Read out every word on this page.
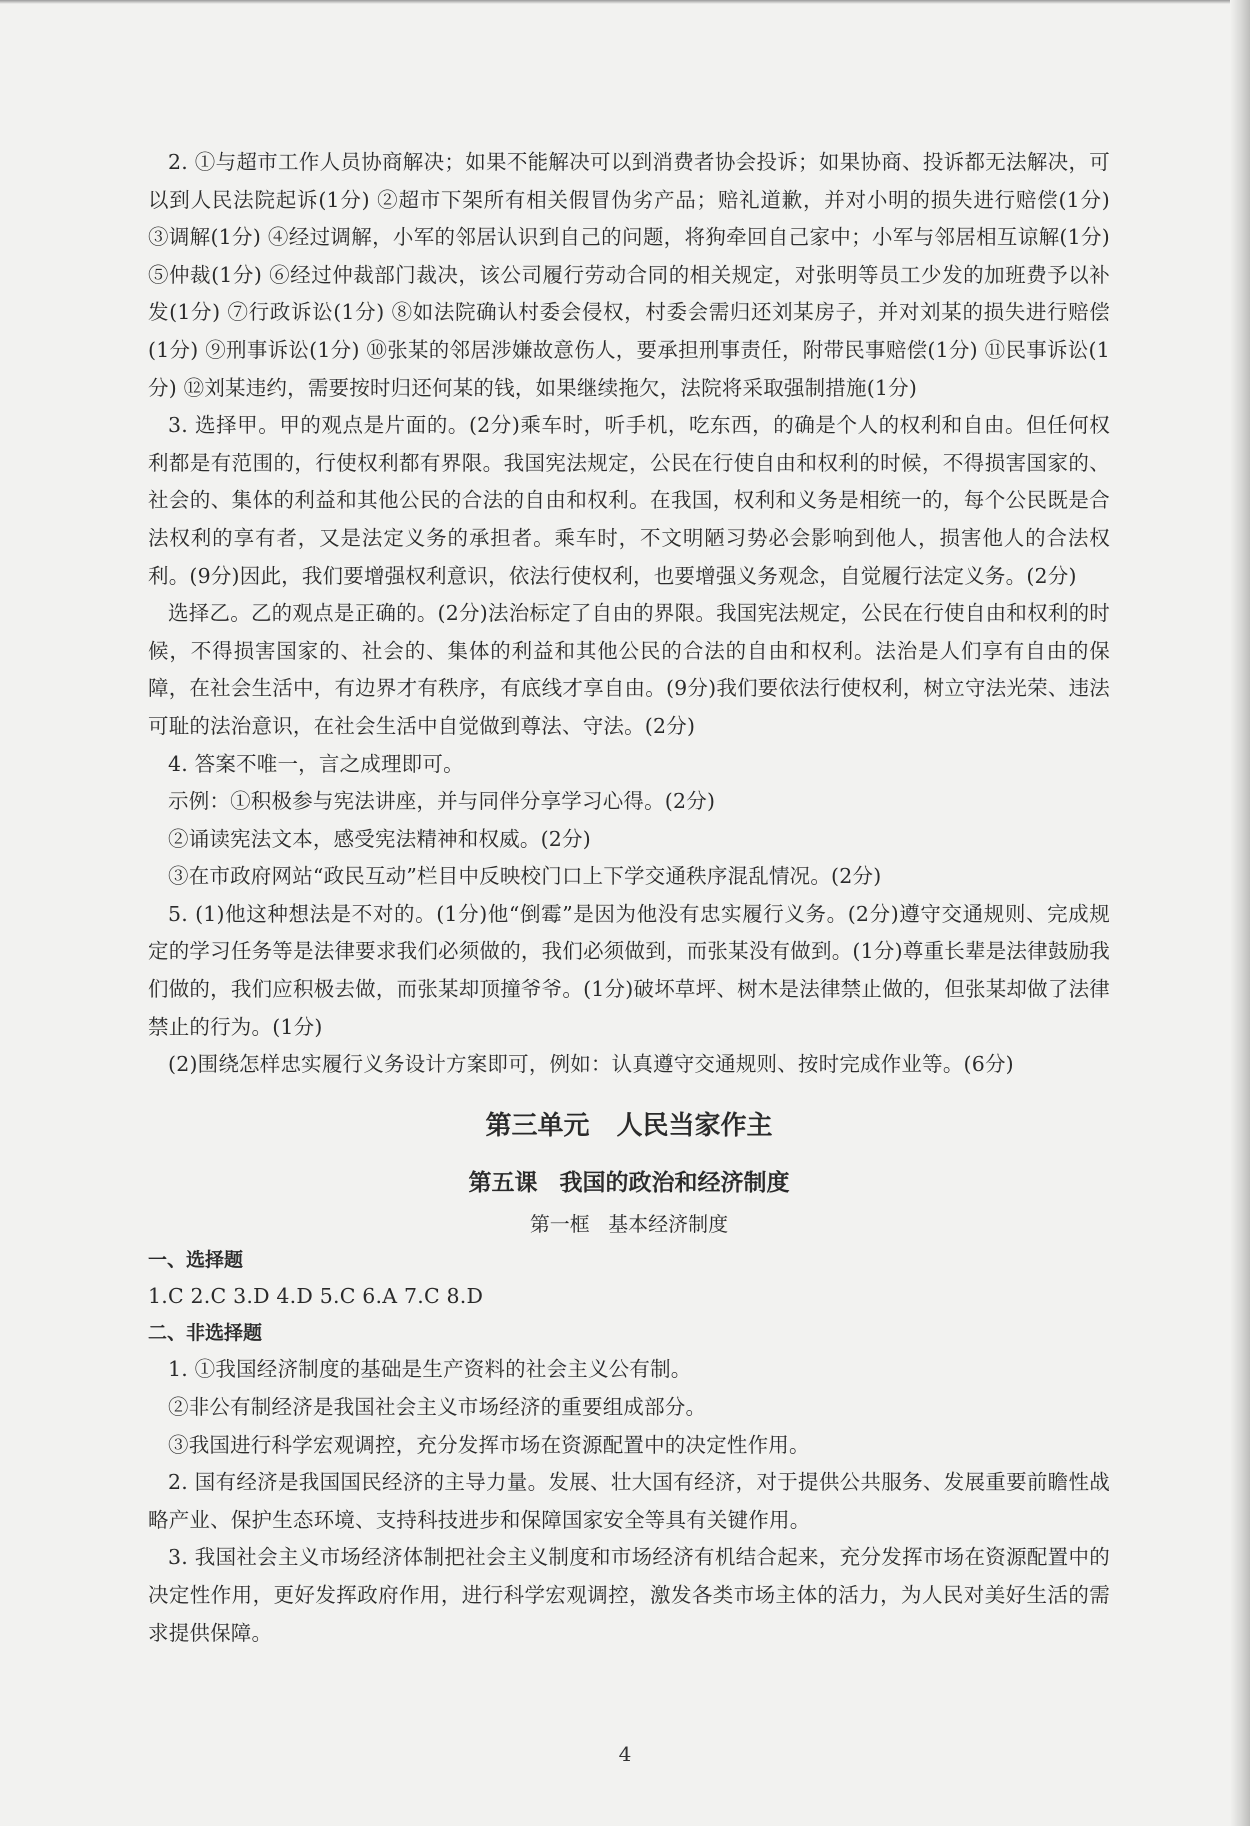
2. ①与超市工作人员协商解决；如果不能解决可以到消费者协会投诉；如果协商、投诉都无法解决，可以到人民法院起诉(1分) ②超市下架所有相关假冒伪劣产品；赔礼道歉，并对小明的损失进行赔偿(1分) ③调解(1分) ④经过调解，小军的邻居认识到自己的问题，将狗牵回自己家中；小军与邻居相互谅解(1分) ⑤仲裁(1分) ⑥经过仲裁部门裁决，该公司履行劳动合同的相关规定，对张明等员工少发的加班费予以补发(1分) ⑦行政诉讼(1分) ⑧如法院确认村委会侵权，村委会需归还刘某房子，并对刘某的损失进行赔偿(1分) ⑨刑事诉讼(1分) ⑩张某的邻居涉嫌故意伤人，要承担刑事责任，附带民事赔偿(1分) ⑪民事诉讼(1分) ⑫刘某违约，需要按时归还何某的钱，如果继续拖欠，法院将采取强制措施(1分)

3. 选择甲。甲的观点是片面的。(2分)乘车时，听手机，吃东西，的确是个人的权利和自由。但任何权利都是有范围的，行使权利都有界限。我国宪法规定，公民在行使自由和权利的时候，不得损害国家的、社会的、集体的利益和其他公民的合法的自由和权利。在我国，权利和义务是相统一的，每个公民既是合法权利的享有者，又是法定义务的承担者。乘车时，不文明陋习势必会影响到他人，损害他人的合法权利。(9分)因此，我们要增强权利意识，依法行使权利，也要增强义务观念，自觉履行法定义务。(2分)

选择乙。乙的观点是正确的。(2分)法治标定了自由的界限。我国宪法规定，公民在行使自由和权利的时候，不得损害国家的、社会的、集体的利益和其他公民的合法的自由和权利。法治是人们享有自由的保障，在社会生活中，有边界才有秩序，有底线才享自由。(9分)我们要依法行使权利，树立守法光荣、违法可耻的法治意识，在社会生活中自觉做到尊法、守法。(2分)

4. 答案不唯一，言之成理即可。

示例：①积极参与宪法讲座，并与同伴分享学习心得。(2分)

②诵读宪法文本，感受宪法精神和权威。(2分)

③在市政府网站“政民互动”栏目中反映校门口上下学交通秩序混乱情况。(2分)

5. (1)他这种想法是不对的。(1分)他“倒霉”是因为他没有忠实履行义务。(2分)遵守交通规则、完成规定的学习任务等是法律要求我们必须做的，我们必须做到，而张某没有做到。(1分)尊重长辈是法律鼓励我们做的，我们应积极去做，而张某却顶撞爷爷。(1分)破坏草坪、树木是法律禁止做的，但张某却做了法律禁止的行为。(1分)

(2)围绕怎样忠实履行义务设计方案即可，例如：认真遵守交通规则、按时完成作业等。(6分)

第三单元 人民当家作主
第五课 我国的政治和经济制度
第一框 基本经济制度
一、选择题

1.C 2.C 3.D 4.D 5.C 6.A 7.C 8.D

二、非选择题

1. ①我国经济制度的基础是生产资料的社会主义公有制。

②非公有制经济是我国社会主义市场经济的重要组成部分。

③我国进行科学宏观调控，充分发挥市场在资源配置中的决定性作用。

2. 国有经济是我国国民经济的主导力量。发展、壮大国有经济，对于提供公共服务、发展重要前瞻性战略产业、保护生态环境、支持科技进步和保障国家安全等具有关键作用。

3. 我国社会主义市场经济体制把社会主义制度和市场经济有机结合起来，充分发挥市场在资源配置中的决定性作用，更好发挥政府作用，进行科学宏观调控，激发各类市场主体的活力，为人民对美好生活的需求提供保障。

4
